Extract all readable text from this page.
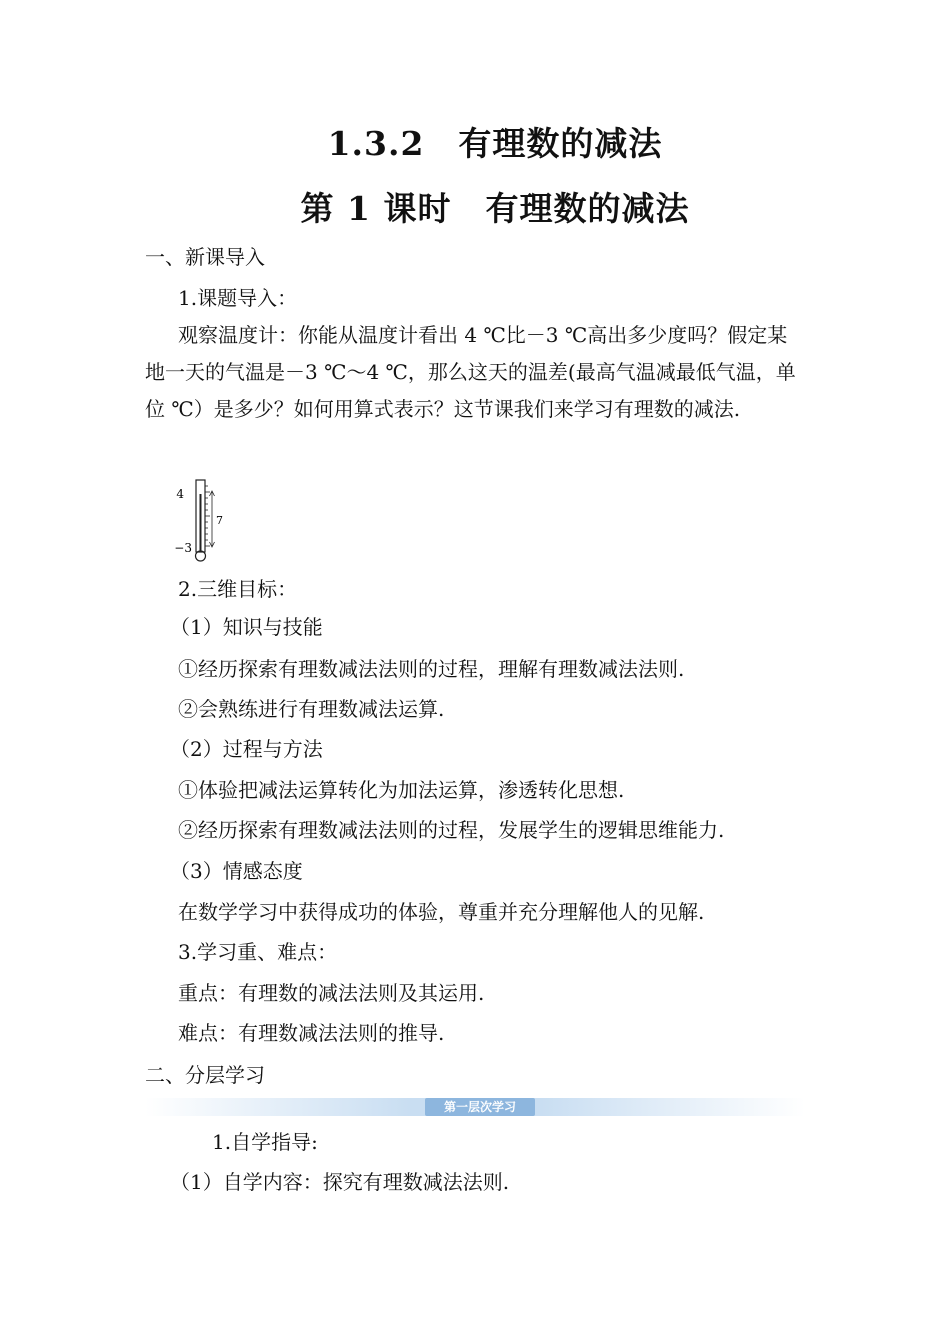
1.3.2　有理数的减法
第 1 课时　有理数的减法
一、新课导入
1.课题导入：
观察温度计：你能从温度计看出 4 ℃比－3 ℃高出多少度吗？假定某地一天的气温是－3 ℃～4 ℃，那么这天的温差(最高气温减最低气温，单位 ℃）是多少？如何用算式表示？这节课我们来学习有理数的减法.
4
−3
7
2.三维目标：
（1）知识与技能
①经历探索有理数减法法则的过程，理解有理数减法法则.
②会熟练进行有理数减法运算.
（2）过程与方法
①体验把减法运算转化为加法运算，渗透转化思想.
②经历探索有理数减法法则的过程，发展学生的逻辑思维能力.
（3）情感态度
在数学学习中获得成功的体验，尊重并充分理解他人的见解.
3.学习重、难点：
重点：有理数的减法法则及其运用.
难点：有理数减法法则的推导.
二、分层学习
第一层次学习
1.自学指导:
（1）自学内容：探究有理数减法法则.
